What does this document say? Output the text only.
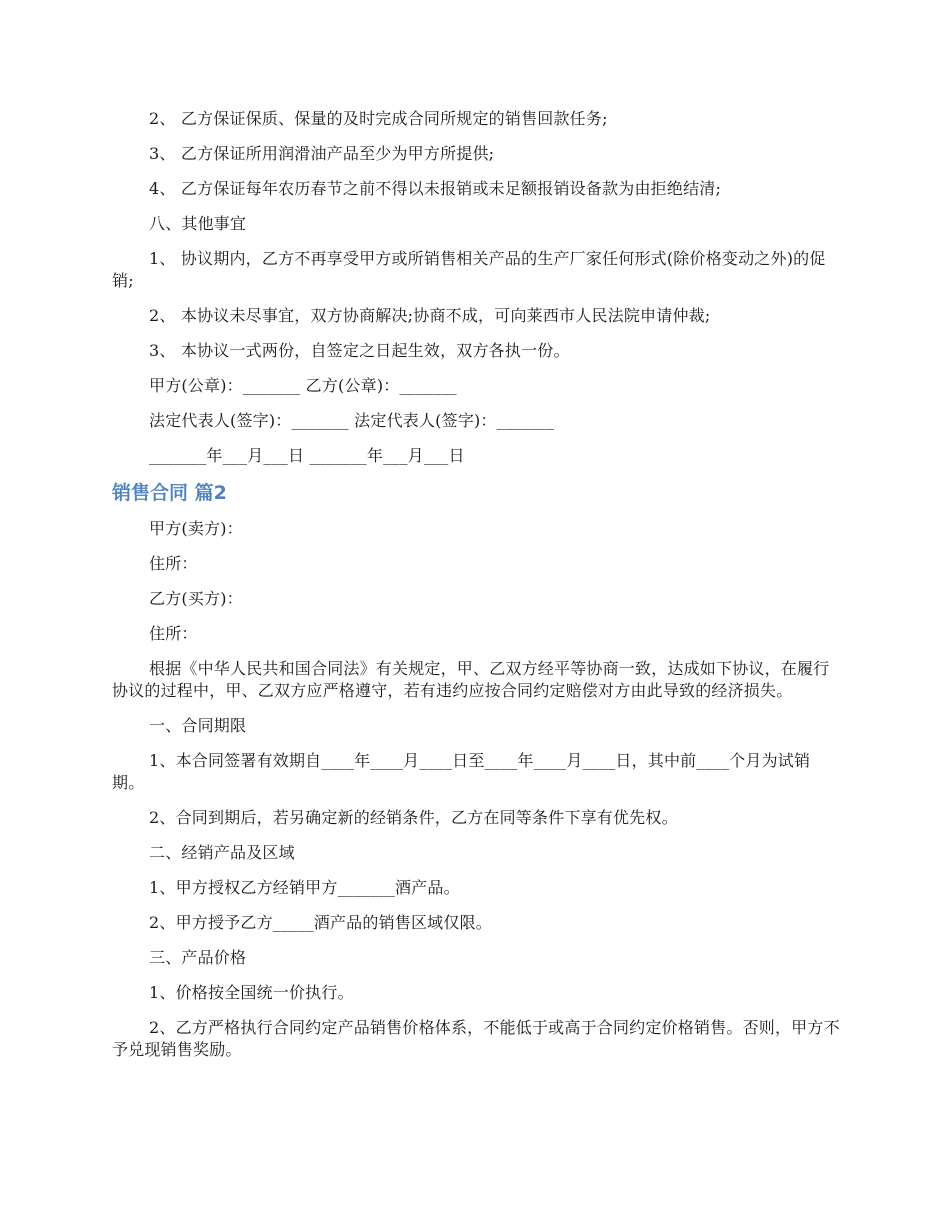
2、 乙方保证保质、保量的及时完成合同所规定的销售回款任务;

3、 乙方保证所用润滑油产品至少为甲方所提供;

4、 乙方保证每年农历春节之前不得以未报销或未足额报销设备款为由拒绝结清;

八、其他事宜

1、 协议期内，乙方不再享受甲方或所销售相关产品的生产厂家任何形式(除价格变动之外)的促销;

2、 本协议未尽事宜，双方协商解决;协商不成，可向莱西市人民法院申请仲裁;

3、 本协议一式两份，自签定之日起生效，双方各执一份。

甲方(公章)：_______ 乙方(公章)：_______

法定代表人(签字)：_______ 法定代表人(签字)：_______

_______年___月___日 _______年___月___日

销售合同 篇2

甲方(卖方)：

住所：

乙方(买方)：

住所：

根据《中华人民共和国合同法》有关规定，甲、乙双方经平等协商一致，达成如下协议，在履行协议的过程中，甲、乙双方应严格遵守，若有违约应按合同约定赔偿对方由此导致的经济损失。

一、合同期限

1、本合同签署有效期自____年____月____日至____年____月____日，其中前____个月为试销期。

2、合同到期后，若另确定新的经销条件，乙方在同等条件下享有优先权。

二、经销产品及区域

1、甲方授权乙方经销甲方_______酒产品。

2、甲方授予乙方_____酒产品的销售区域仅限。

三、产品价格

1、价格按全国统一价执行。

2、乙方严格执行合同约定产品销售价格体系，不能低于或高于合同约定价格销售。否则，甲方不予兑现销售奖励。
